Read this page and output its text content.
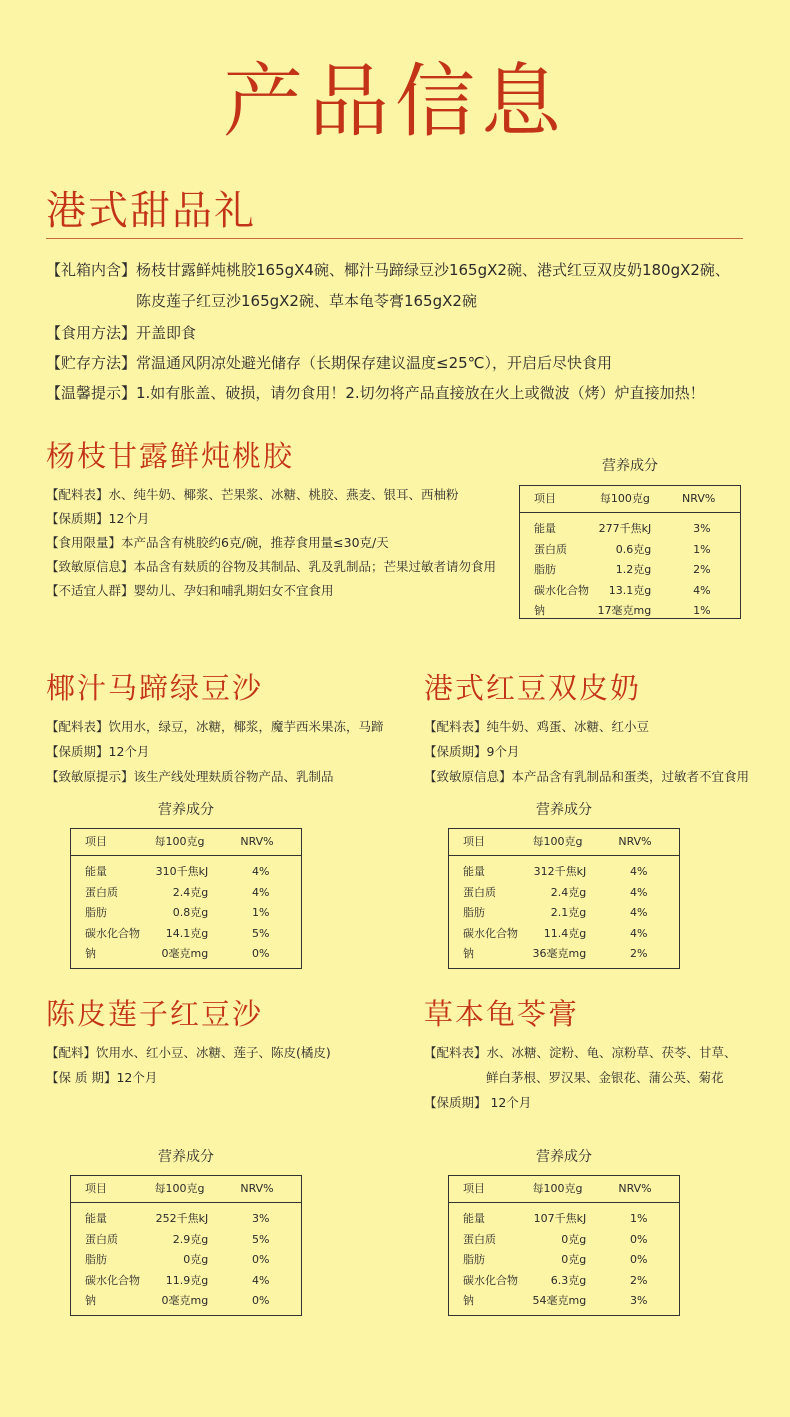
产品信息
港式甜品礼
【礼箱内含】 杨枝甘露鲜炖桃胶165gX4碗、椰汁马蹄绿豆沙165gX2碗、港式红豆双皮奶180gX2碗、
陈皮莲子红豆沙165gX2碗、草本龟苓膏165gX2碗
【食用方法】开盖即食
【贮存方法】常温通风阴凉处避光储存（长期保存建议温度≤25℃），开启后尽快食用
【温馨提示】1.如有胀盖、破损，请勿食用！2.切勿将产品直接放在火上或微波（烤）炉直接加热！
杨枝甘露鲜炖桃胶
【配料表】水、纯牛奶、椰浆、芒果浆、冰糖、桃胶、燕麦、银耳、西柚粉
【保质期】12个月
【食用限量】本产品含有桃胶约6克/碗，推荐食用量≤30克/天
【致敏原信息】本品含有麸质的谷物及其制品、乳及乳制品；芒果过敏者请勿食用
【不适宜人群】婴幼儿、孕妇和哺乳期妇女不宜食用
营养成分
项目	每100克g	NRV%
能量	277千焦kJ	3%
蛋白质	0.6克g	1%
脂肪	1.2克g	2%
碳水化合物 13.1克g	4%
钠	17毫克mg	1%
椰汁马蹄绿豆沙
【配料表】饮用水，绿豆，冰糖，椰浆，魔芋西米果冻，马蹄
【保质期】12个月
【致敏原提示】该生产线处理麸质谷物产品、乳制品
营养成分
项目	每100克g	NRV%
能量	310千焦kJ	4%
蛋白质	2.4克g	4%
脂肪	0.8克g	1%
碳水化合物 14.1克g	5%
钠	0毫克mg	0%
港式红豆双皮奶
【配料表】纯牛奶、鸡蛋、冰糖、红小豆
【保质期】9个月
【致敏原信息】本产品含有乳制品和蛋类，过敏者不宜食用
营养成分
项目	每100克g	NRV%
能量	312千焦kJ	4%
蛋白质	2.4克g	4%
脂肪	2.1克g	4%
碳水化合物 11.4克g	4%
钠	36毫克mg	2%
陈皮莲子红豆沙
【配料】饮用水、红小豆、冰糖、莲子、陈皮(橘皮)
【保 质 期】12个月
营养成分
项目	每100克g	NRV%
能量	252千焦kJ	3%
蛋白质	2.9克g	5%
脂肪	0克g	0%
碳水化合物 11.9克g	4%
钠	0毫克mg	0%
草本龟苓膏
【配料表】水、冰糖、淀粉、龟、凉粉草、茯苓、甘草、
鲜白茅根、罗汉果、金银花、蒲公英、菊花
【保质期】 12个月
营养成分
项目	每100克g	NRV%
能量	107千焦kJ	1%
蛋白质	0克g	0%
脂肪	0克g	0%
碳水化合物	6.3克g	2%
钠	54毫克mg	3%
